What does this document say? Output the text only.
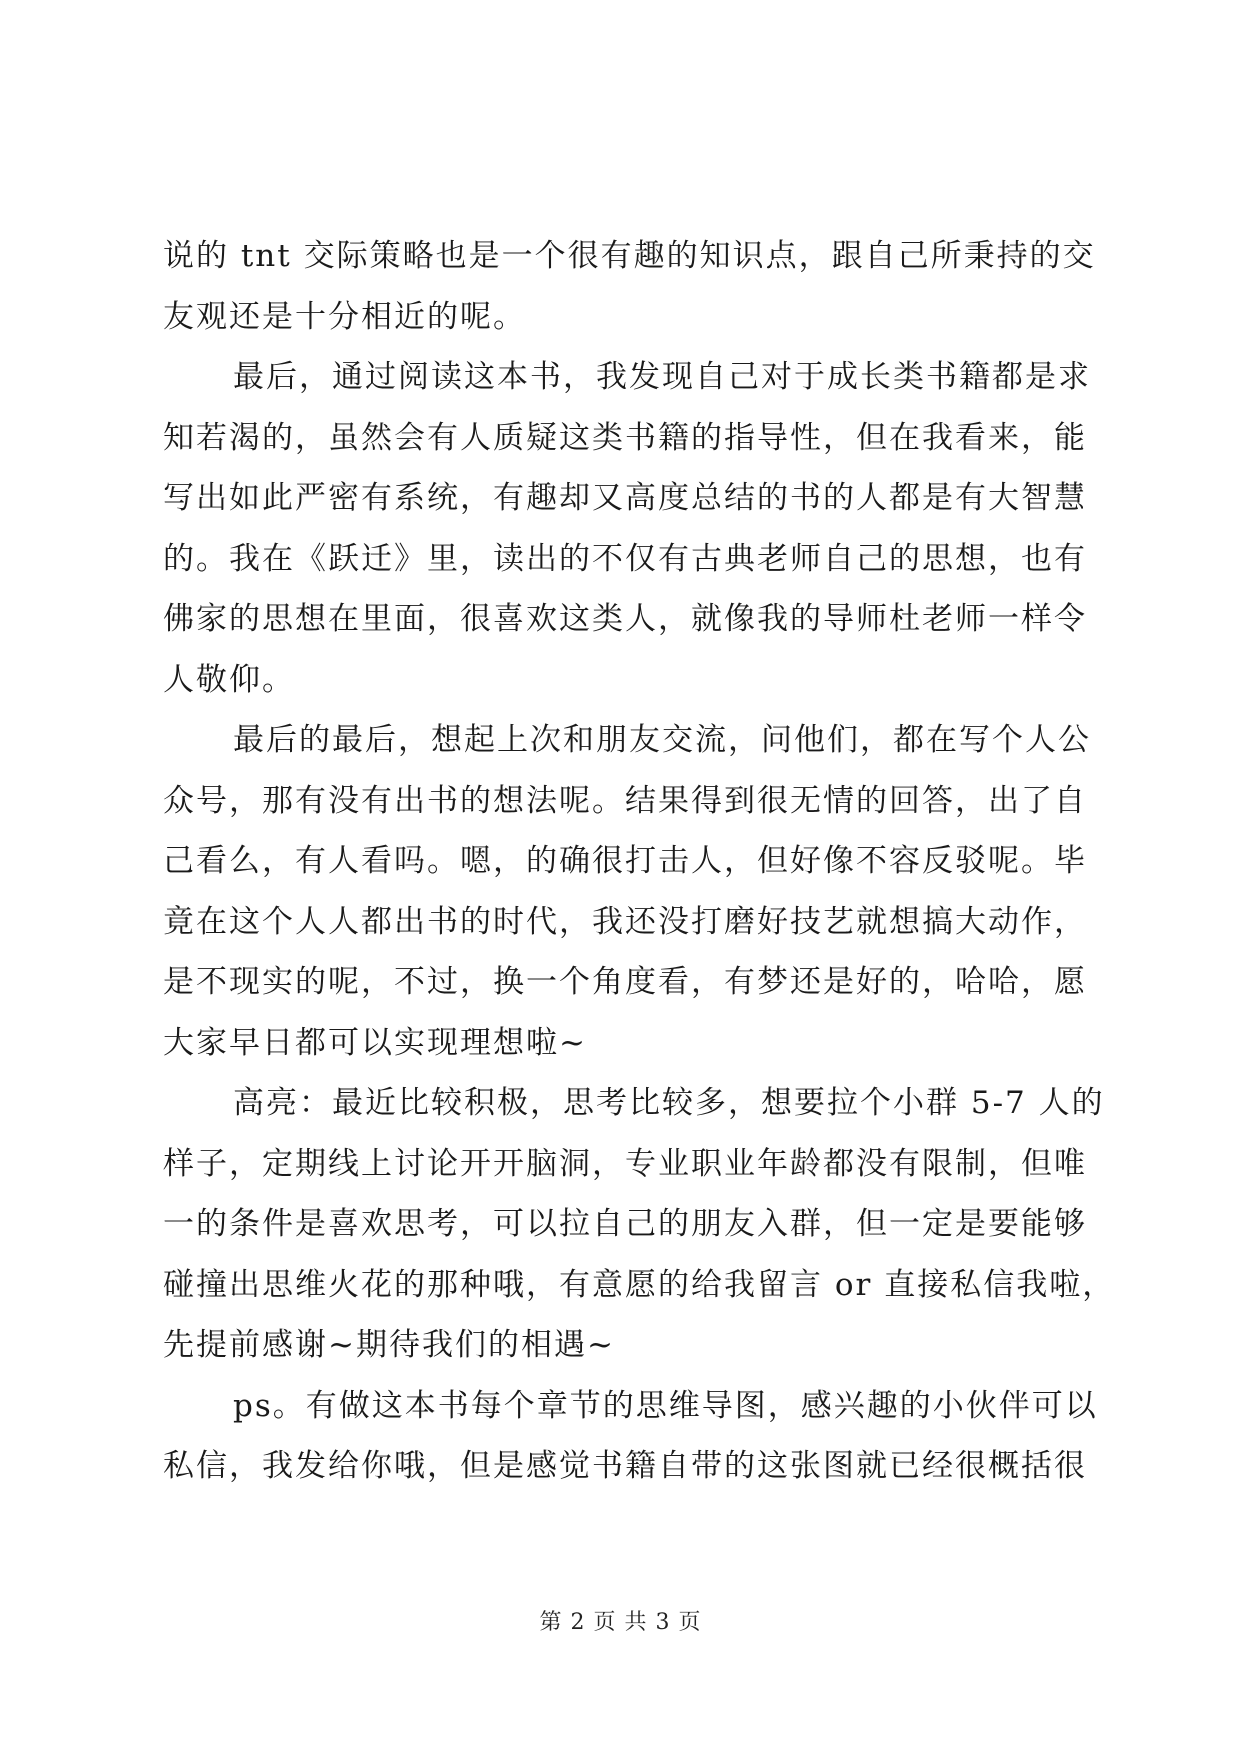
说的 tnt 交际策略也是一个很有趣的知识点，跟自己所秉持的交
友观还是十分相近的呢。
最后，通过阅读这本书，我发现自己对于成长类书籍都是求
知若渴的，虽然会有人质疑这类书籍的指导性，但在我看来，能
写出如此严密有系统，有趣却又高度总结的书的人都是有大智慧
的。我在《跃迁》里，读出的不仅有古典老师自己的思想，也有
佛家的思想在里面，很喜欢这类人，就像我的导师杜老师一样令
人敬仰。
最后的最后，想起上次和朋友交流，问他们，都在写个人公
众号，那有没有出书的想法呢。结果得到很无情的回答，出了自
己看么，有人看吗。嗯，的确很打击人，但好像不容反驳呢。毕
竟在这个人人都出书的时代，我还没打磨好技艺就想搞大动作，
是不现实的呢，不过，换一个角度看，有梦还是好的，哈哈，愿
大家早日都可以实现理想啦~
高亮：最近比较积极，思考比较多，想要拉个小群 5-7 人的
样子，定期线上讨论开开脑洞，专业职业年龄都没有限制，但唯
一的条件是喜欢思考，可以拉自己的朋友入群，但一定是要能够
碰撞出思维火花的那种哦，有意愿的给我留言 or 直接私信我啦，
先提前感谢~期待我们的相遇~
ps。有做这本书每个章节的思维导图，感兴趣的小伙伴可以
私信，我发给你哦，但是感觉书籍自带的这张图就已经很概括很
第 2 页 共 3 页
